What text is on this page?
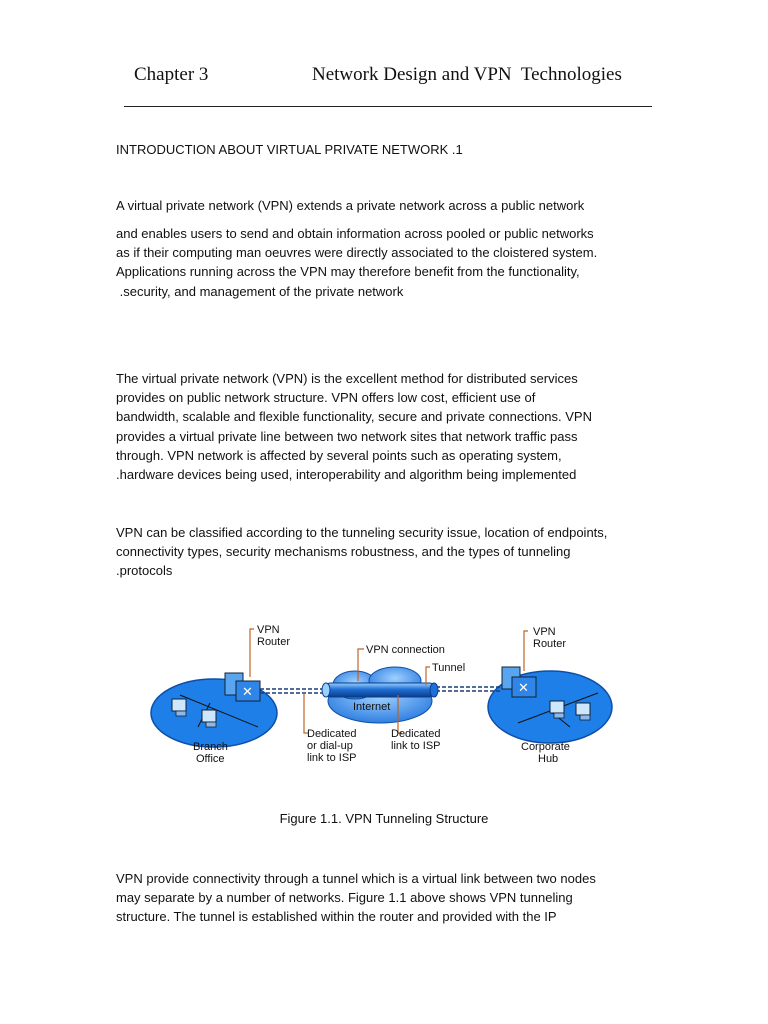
Chapter 3	Network Design and VPN  Technologies

INTRODUCTION ABOUT VIRTUAL PRIVATE NETWORK .1

A virtual private network (VPN) extends a private network across a public network

and enables users to send and obtain information across pooled or public networks
as if their computing man oeuvres were directly associated to the cloistered system.
Applications running across the VPN may therefore benefit from the functionality,
.security, and management of the private network

The virtual private network (VPN) is the excellent method for distributed services
provides on public network structure. VPN offers low cost, efficient use of
bandwidth, scalable and flexible functionality, secure and private connections. VPN
provides a virtual private line between two network sites that network traffic pass
through. VPN network is affected by several points such as operating system,
.hardware devices being used, interoperability and algorithm being implemented

VPN can be classified according to the tunneling security issue, location of endpoints,
connectivity types, security mechanisms robustness, and the types of tunneling
.protocols

✕	✕
VPN
Router
VPN
Router
VPN connection
Tunnel
Internet
Branch
Office
Corporate
Hub
Dedicated
or dial-up
link to ISP
Dedicated
link to ISP
Figure 1.1. VPN Tunneling Structure

VPN provide connectivity through a tunnel which is a virtual link between two nodes
may separate by a number of networks. Figure 1.1 above shows VPN tunneling
structure. The tunnel is established within the router and provided with the IP
